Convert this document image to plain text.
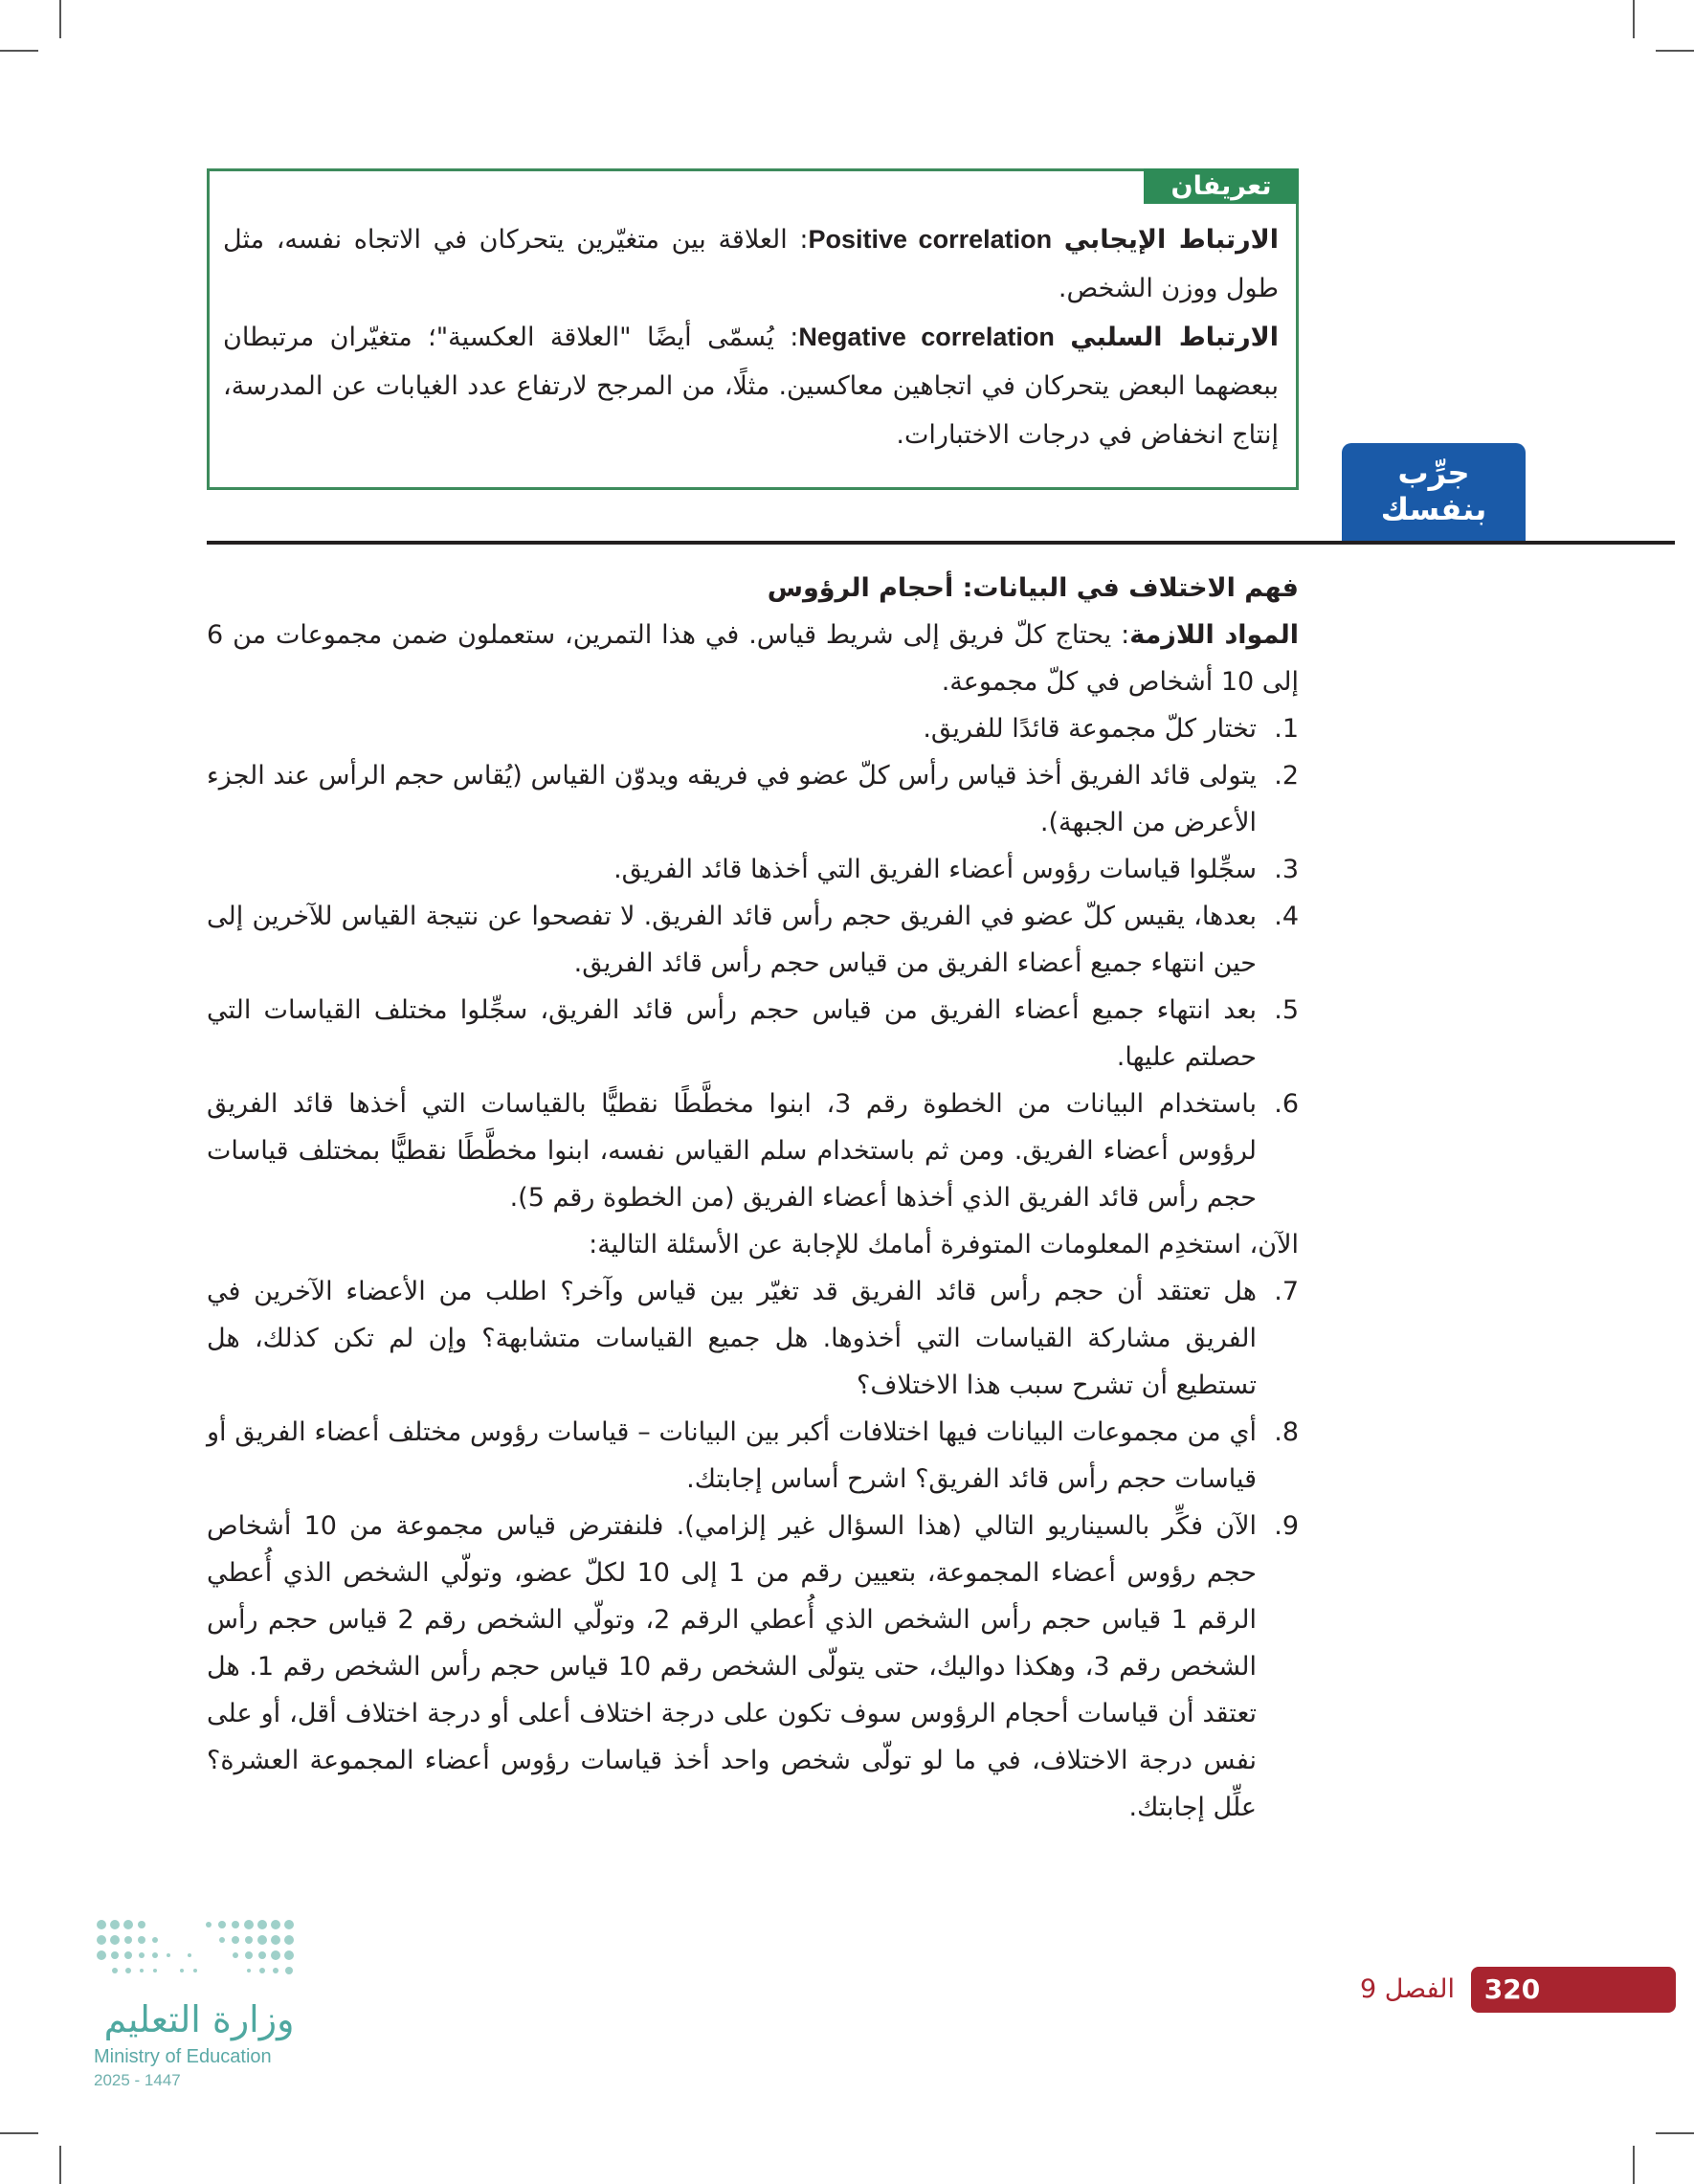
تعريفان

الارتباط الإيجابي Positive correlation: العلاقة بين متغيّرين يتحركان في الاتجاه نفسه، مثل طول ووزن الشخص.

الارتباط السلبي Negative correlation: يُسمّى أيضًا "العلاقة العكسية"؛ متغيّران مرتبطان ببعضهما البعض يتحركان في اتجاهين معاكسين. مثلًا، من المرجح لارتفاع عدد الغيابات عن المدرسة، إنتاج انخفاض في درجات الاختبارات.

جرِّب
بنفسك

فهم الاختلاف في البيانات: أحجام الرؤوس

المواد اللازمة: يحتاج كلّ فريق إلى شريط قياس. في هذا التمرين، ستعملون ضمن مجموعات من 6 إلى 10 أشخاص في كلّ مجموعة.

1.
تختار كلّ مجموعة قائدًا للفريق.
2.
يتولى قائد الفريق أخذ قياس رأس كلّ عضو في فريقه ويدوّن القياس (يُقاس حجم الرأس عند الجزء الأعرض من الجبهة).
3.
سجِّلوا قياسات رؤوس أعضاء الفريق التي أخذها قائد الفريق.
4.
بعدها، يقيس كلّ عضو في الفريق حجم رأس قائد الفريق. لا تفصحوا عن نتيجة القياس للآخرين إلى حين انتهاء جميع أعضاء الفريق من قياس حجم رأس قائد الفريق.
5.
بعد انتهاء جميع أعضاء الفريق من قياس حجم رأس قائد الفريق، سجِّلوا مختلف القياسات التي حصلتم عليها.
6.
باستخدام البيانات من الخطوة رقم 3، ابنوا مخطَّطًا نقطيًّا بالقياسات التي أخذها قائد الفريق لرؤوس أعضاء الفريق. ومن ثم باستخدام سلم القياس نفسه، ابنوا مخطَّطًا نقطيًّا بمختلف قياسات حجم رأس قائد الفريق الذي أخذها أعضاء الفريق (من الخطوة رقم 5).

الآن، استخدِم المعلومات المتوفرة أمامك للإجابة عن الأسئلة التالية:

7.
هل تعتقد أن حجم رأس قائد الفريق قد تغيّر بين قياس وآخر؟ اطلب من الأعضاء الآخرين في الفريق مشاركة القياسات التي أخذوها. هل جميع القياسات متشابهة؟ وإن لم تكن كذلك، هل تستطيع أن تشرح سبب هذا الاختلاف؟
8.
أي من مجموعات البيانات فيها اختلافات أكبر بين البيانات – قياسات رؤوس مختلف أعضاء الفريق أو قياسات حجم رأس قائد الفريق؟ اشرح أساس إجابتك.
9.
الآن فكِّر بالسيناريو التالي (هذا السؤال غير إلزامي). فلنفترض قياس مجموعة من 10 أشخاص حجم رؤوس أعضاء المجموعة، بتعيين رقم من 1 إلى 10 لكلّ عضو، وتولّي الشخص الذي أُعطي الرقم 1 قياس حجم رأس الشخص الذي أُعطي الرقم 2، وتولّي الشخص رقم 2 قياس حجم رأس الشخص رقم 3، وهكذا دواليك، حتى يتولّى الشخص رقم 10 قياس حجم رأس الشخص رقم 1. هل تعتقد أن قياسات أحجام الرؤوس سوف تكون على درجة اختلاف أعلى أو درجة اختلاف أقل، أو على نفس درجة الاختلاف، في ما لو تولّى شخص واحد أخذ قياسات رؤوس أعضاء المجموعة العشرة؟ علِّل إجابتك.
320
الفصل 9
وزارة التعليم
Ministry of Education
2025 - 1447
